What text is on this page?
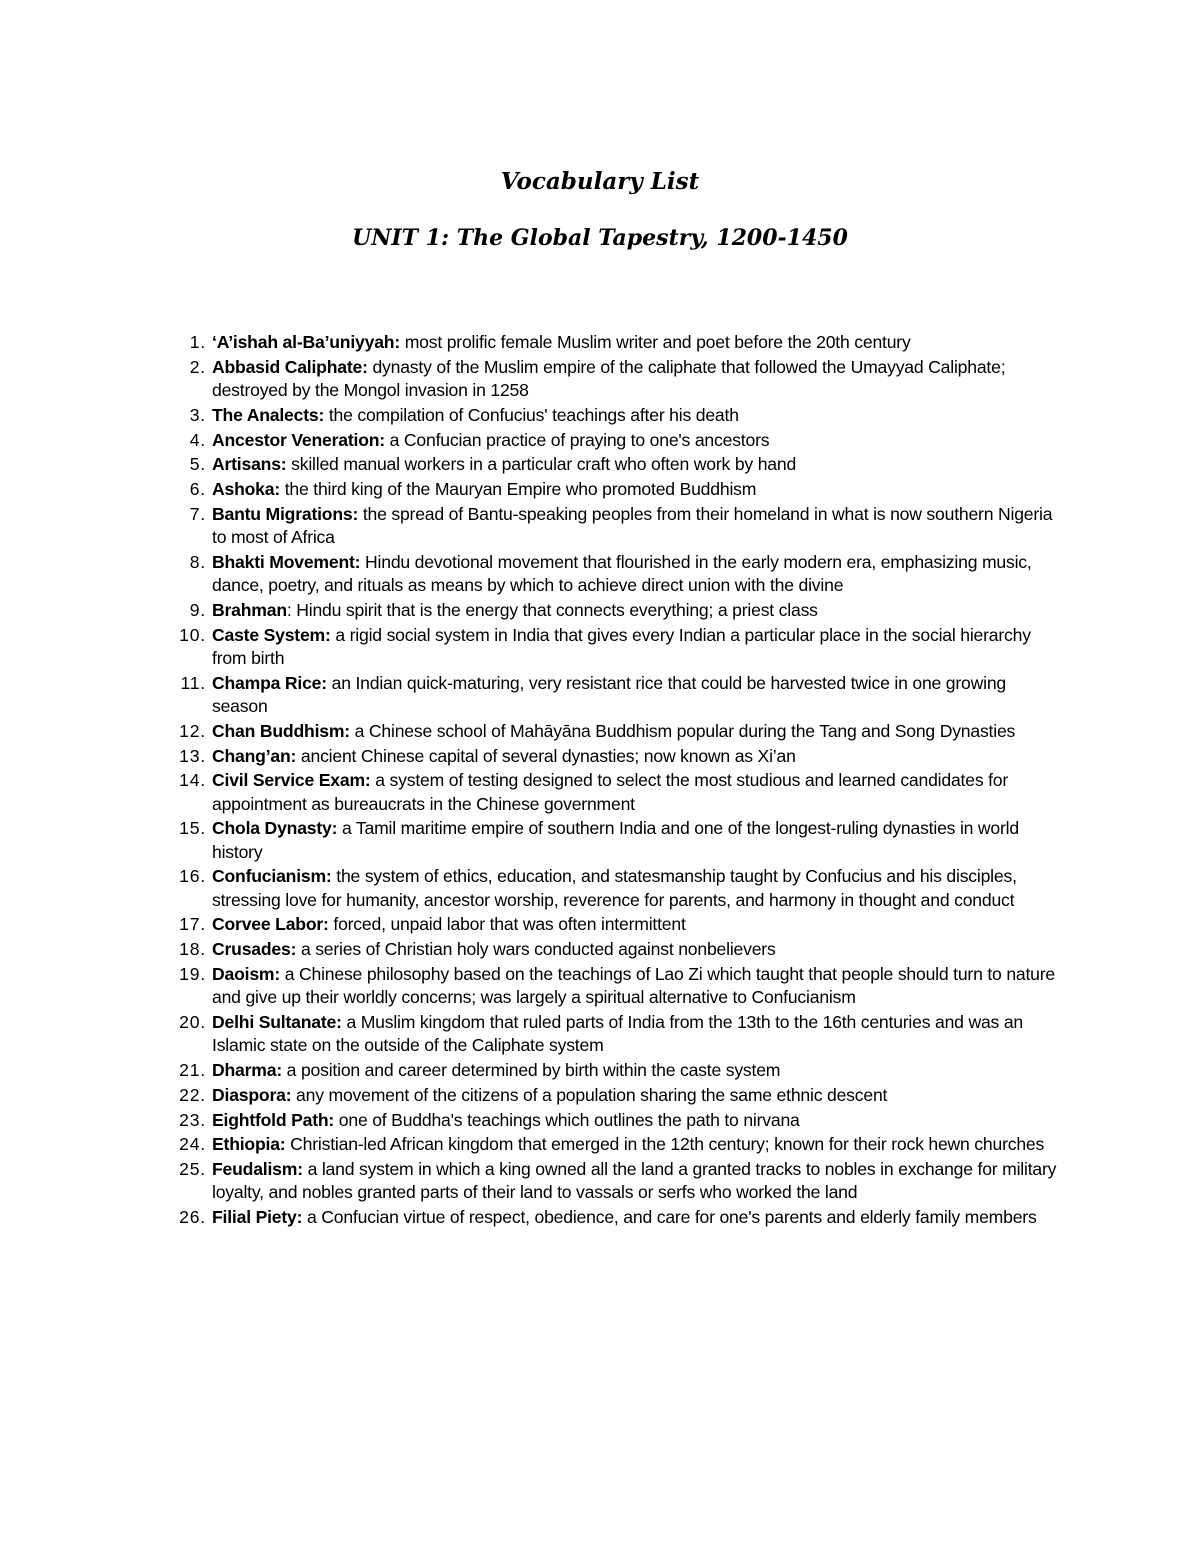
Vocabulary List
UNIT 1: The Global Tapestry, 1200-1450
1. ‘A’ishah al-Ba’uniyyah: most prolific female Muslim writer and poet before the 20th century
2. Abbasid Caliphate: dynasty of the Muslim empire of the caliphate that followed the Umayyad Caliphate; destroyed by the Mongol invasion in 1258
3. The Analects: the compilation of Confucius' teachings after his death
4. Ancestor Veneration: a Confucian practice of praying to one's ancestors
5. Artisans: skilled manual workers in a particular craft who often work by hand
6. Ashoka: the third king of the Mauryan Empire who promoted Buddhism
7. Bantu Migrations: the spread of Bantu-speaking peoples from their homeland in what is now southern Nigeria to most of Africa
8. Bhakti Movement: Hindu devotional movement that flourished in the early modern era, emphasizing music, dance, poetry, and rituals as means by which to achieve direct union with the divine
9. Brahman: Hindu spirit that is the energy that connects everything; a priest class
10. Caste System: a rigid social system in India that gives every Indian a particular place in the social hierarchy from birth
11. Champa Rice: an Indian quick-maturing, very resistant rice that could be harvested twice in one growing season
12. Chan Buddhism: a Chinese school of Mahāyāna Buddhism popular during the Tang and Song Dynasties
13. Chang’an: ancient Chinese capital of several dynasties; now known as Xi’an
14. Civil Service Exam: a system of testing designed to select the most studious and learned candidates for appointment as bureaucrats in the Chinese government
15. Chola Dynasty: a Tamil maritime empire of southern India and one of the longest-ruling dynasties in world history
16. Confucianism: the system of ethics, education, and statesmanship taught by Confucius and his disciples, stressing love for humanity, ancestor worship, reverence for parents, and harmony in thought and conduct
17. Corvee Labor: forced, unpaid labor that was often intermittent
18. Crusades: a series of Christian holy wars conducted against nonbelievers
19. Daoism: a Chinese philosophy based on the teachings of Lao Zi which taught that people should turn to nature and give up their worldly concerns; was largely a spiritual alternative to Confucianism
20. Delhi Sultanate: a Muslim kingdom that ruled parts of India from the 13th to the 16th centuries and was an Islamic state on the outside of the Caliphate system
21. Dharma: a position and career determined by birth within the caste system
22. Diaspora: any movement of the citizens of a population sharing the same ethnic descent
23. Eightfold Path: one of Buddha's teachings which outlines the path to nirvana
24. Ethiopia: Christian-led African kingdom that emerged in the 12th century; known for their rock hewn churches
25. Feudalism: a land system in which a king owned all the land a granted tracks to nobles in exchange for military loyalty, and nobles granted parts of their land to vassals or serfs who worked the land
26. Filial Piety: a Confucian virtue of respect, obedience, and care for one's parents and elderly family members
